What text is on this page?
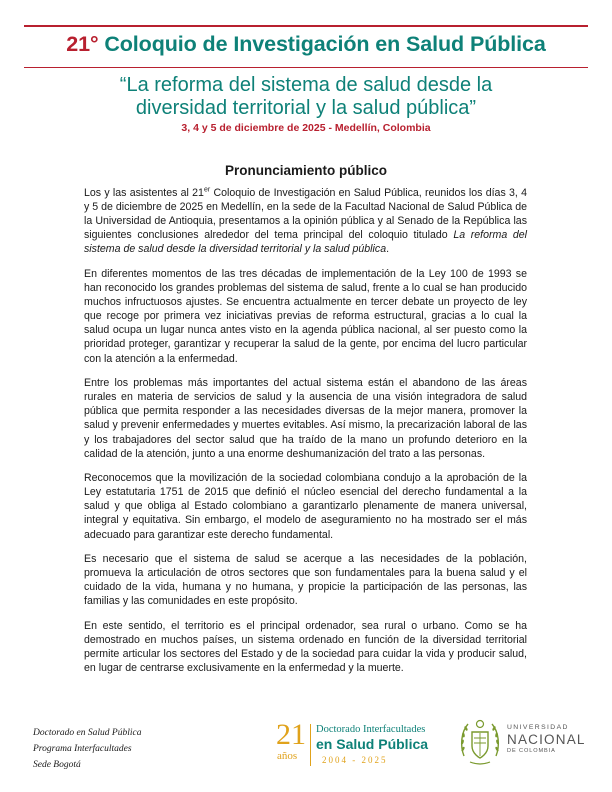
21° Coloquio de Investigación en Salud Pública
“La reforma del sistema de salud desde la
diversidad territorial y la salud pública”
3, 4 y 5 de diciembre de 2025 - Medellín, Colombia
Pronunciamiento público

Los y las asistentes al 21er Coloquio de Investigación en Salud Pública, reunidos los días 3, 4 y 5 de diciembre de 2025 en Medellín, en la sede de la Facultad Nacional de Salud Pública de la Universidad de Antioquia, presentamos a la opinión pública y al Senado de la República las siguientes conclusiones alrededor del tema principal del coloquio titulado La reforma del sistema de salud desde la diversidad territorial y la salud pública.

En diferentes momentos de las tres décadas de implementación de la Ley 100 de 1993 se han reconocido los grandes problemas del sistema de salud, frente a lo cual se han producido muchos infructuosos ajustes. Se encuentra actualmente en tercer debate un proyecto de ley que recoge por primera vez iniciativas previas de reforma estructural, gracias a lo cual la salud ocupa un lugar nunca antes visto en la agenda pública nacional, al ser puesto como la prioridad proteger, garantizar y recuperar la salud de la gente, por encima del lucro particular con la atención a la enfermedad.

Entre los problemas más importantes del actual sistema están el abandono de las áreas rurales en materia de servicios de salud y la ausencia de una visión integradora de salud pública que permita responder a las necesidades diversas de la mejor manera, promover la salud y prevenir enfermedades y muertes evitables. Así mismo, la precarización laboral de las y los trabajadores del sector salud que ha traído de la mano un profundo deterioro en la calidad de la atención, junto a una enorme deshumanización del trato a las personas.

Reconocemos que la movilización de la sociedad colombiana condujo a la aprobación de la Ley estatutaria 1751 de 2015 que definió el núcleo esencial del derecho fundamental a la salud y que obliga al Estado colombiano a garantizarlo plenamente de manera universal, integral y equitativa. Sin embargo, el modelo de aseguramiento no ha mostrado ser el más adecuado para garantizar este derecho fundamental.

Es necesario que el sistema de salud se acerque a las necesidades de la población, promueva la articulación de otros sectores que son fundamentales para la buena salud y el cuidado de la vida, humana y no humana, y propicie la participación de las personas, las familias y las comunidades en este propósito.

En este sentido, el territorio es el principal ordenador, sea rural o urbano. Como se ha demostrado en muchos países, un sistema ordenado en función de la diversidad territorial permite articular los sectores del Estado y de la sociedad para cuidar la vida y producir salud, en lugar de centrarse exclusivamente en la enfermedad y la muerte.

Doctorado en Salud Pública
Programa Interfacultades
Sede Bogotá
21
años
Doctorado Interfacultades
en Salud Pública
2004 - 2025
UNIVERSIDAD
NACIONAL
DE COLOMBIA
